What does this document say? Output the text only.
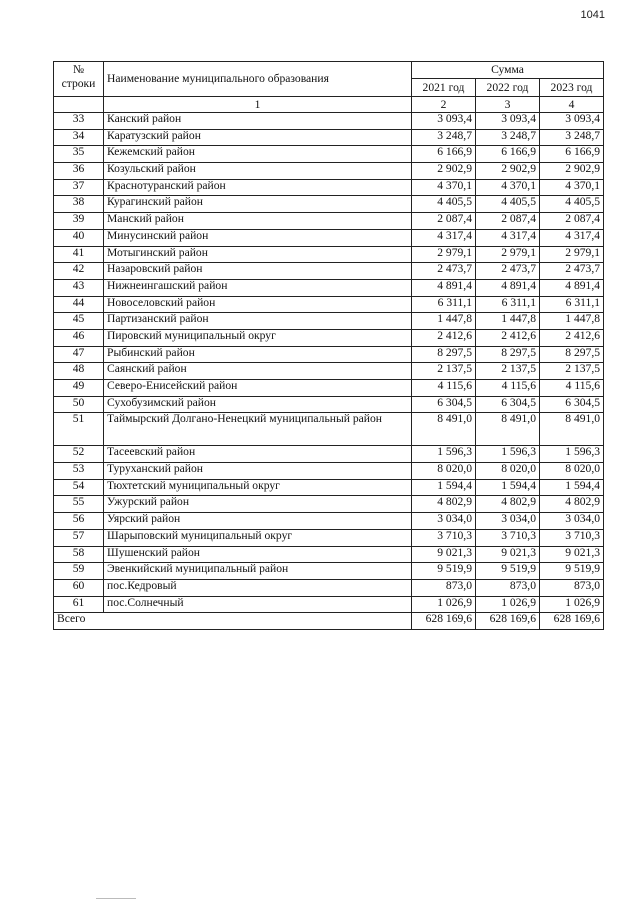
1041
№
строки	Наименование муниципального образования	Сумма		
		2021 год	2022 год	2023 год
	1	2	3	4
33	Канский район	3 093,4	3 093,4	3 093,4
34	Каратузский район	3 248,7	3 248,7	3 248,7
35	Кежемский район	6 166,9	6 166,9	6 166,9
36	Козульский район	2 902,9	2 902,9	2 902,9
37	Краснотуранский район	4 370,1	4 370,1	4 370,1
38	Курагинский район	4 405,5	4 405,5	4 405,5
39	Манский район	2 087,4	2 087,4	2 087,4
40	Минусинский район	4 317,4	4 317,4	4 317,4
41	Мотыгинский район	2 979,1	2 979,1	2 979,1
42	Назаровский район	2 473,7	2 473,7	2 473,7
43	Нижнеингашский район	4 891,4	4 891,4	4 891,4
44	Новоселовский район	6 311,1	6 311,1	6 311,1
45	Партизанский район	1 447,8	1 447,8	1 447,8
46	Пировский муниципальный округ	2 412,6	2 412,6	2 412,6
47	Рыбинский район	8 297,5	8 297,5	8 297,5
48	Саянский район	2 137,5	2 137,5	2 137,5
49	Северо-Енисейский район	4 115,6	4 115,6	4 115,6
50	Сухобузимский район	6 304,5	6 304,5	6 304,5
51	Таймырский Долгано-Ненецкий муниципальный район	8 491,0	8 491,0	8 491,0
52	Тасеевский район	1 596,3	1 596,3	1 596,3
53	Туруханский район	8 020,0	8 020,0	8 020,0
54	Тюхтетский муниципальный округ	1 594,4	1 594,4	1 594,4
55	Ужурский район	4 802,9	4 802,9	4 802,9
56	Уярский район	3 034,0	3 034,0	3 034,0
57	Шарыповский муниципальный округ	3 710,3	3 710,3	3 710,3
58	Шушенский район	9 021,3	9 021,3	9 021,3
59	Эвенкийский муниципальный район	9 519,9	9 519,9	9 519,9
60	пос.Кедровый	873,0	873,0	873,0
61	пос.Солнечный	1 026,9	1 026,9	1 026,9
Всего		628 169,6	628 169,6	628 169,6
